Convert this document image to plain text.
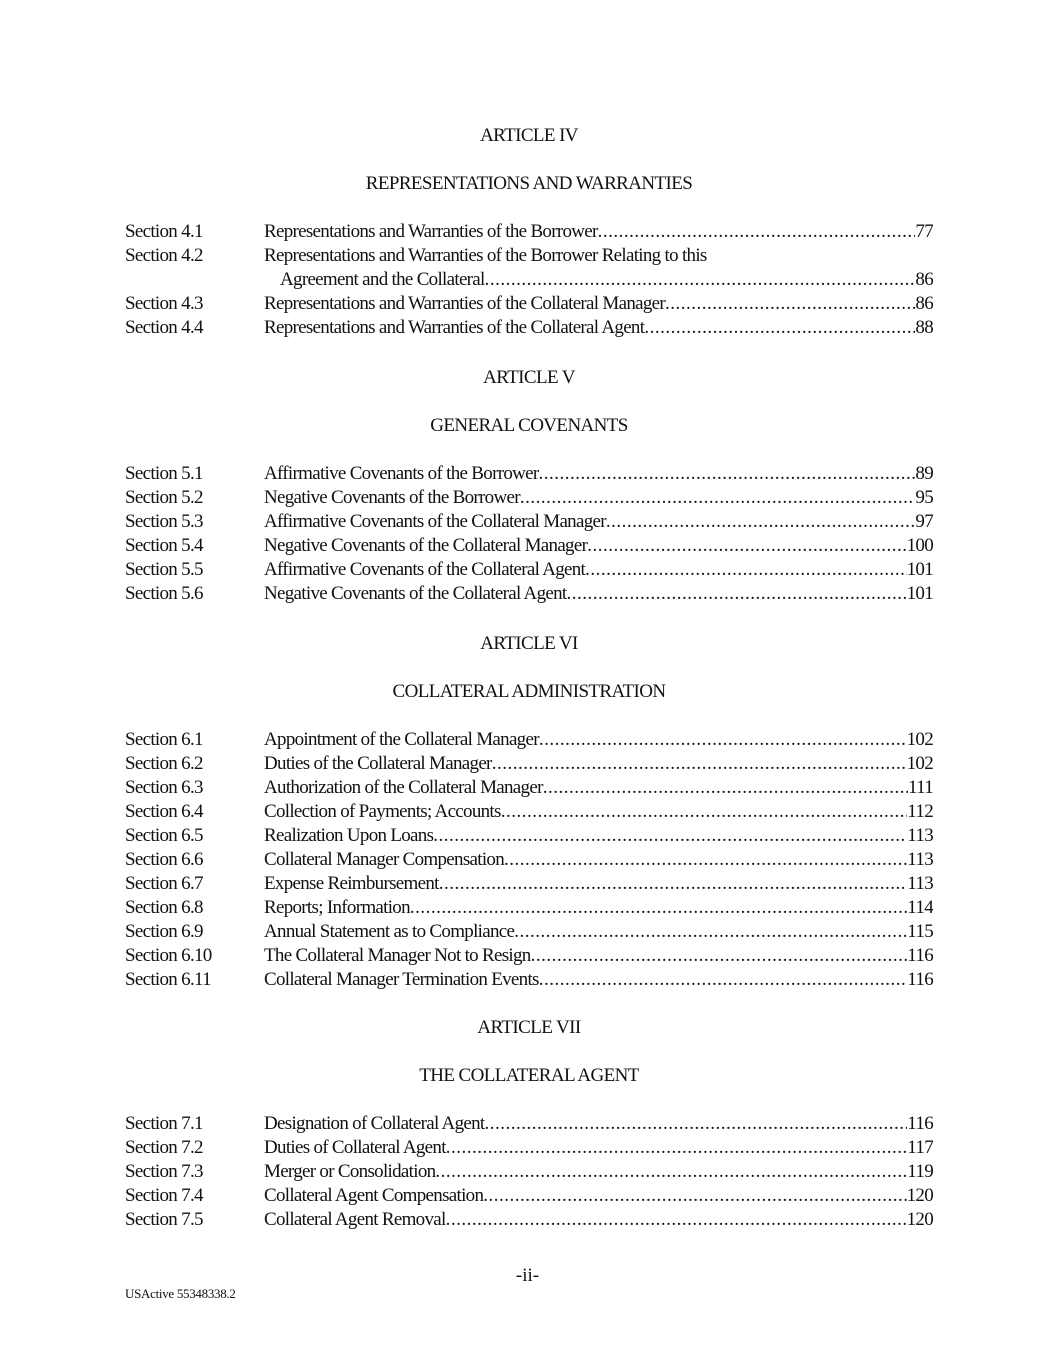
ARTICLE IV
REPRESENTATIONS AND WARRANTIES
Section 4.1	Representations and Warranties of the Borrower .....	77
Section 4.2	Representations and Warranties of the Borrower Relating to this
Agreement and the Collateral .....	86
Section 4.3	Representations and Warranties of the Collateral Manager .....	86
Section 4.4	Representations and Warranties of the Collateral Agent .....	88
ARTICLE V
GENERAL COVENANTS
Section 5.1	Affirmative Covenants of the Borrower .....	89
Section 5.2	Negative Covenants of the Borrower .....	95
Section 5.3	Affirmative Covenants of the Collateral Manager .....	97
Section 5.4	Negative Covenants of the Collateral Manager .....	100
Section 5.5	Affirmative Covenants of the Collateral Agent .....	101
Section 5.6	Negative Covenants of the Collateral Agent .....	101
ARTICLE VI
COLLATERAL ADMINISTRATION
Section 6.1	Appointment of the Collateral Manager .....	102
Section 6.2	Duties of the Collateral Manager .....	102
Section 6.3	Authorization of the Collateral Manager .....	111
Section 6.4	Collection of Payments; Accounts .....	112
Section 6.5	Realization Upon Loans .....	113
Section 6.6	Collateral Manager Compensation .....	113
Section 6.7	Expense Reimbursement .....	113
Section 6.8	Reports; Information .....	114
Section 6.9	Annual Statement as to Compliance .....	115
Section 6.10	The Collateral Manager Not to Resign .....	116
Section 6.11	Collateral Manager Termination Events .....	116
ARTICLE VII
THE COLLATERAL AGENT
Section 7.1	Designation of Collateral Agent .....	116
Section 7.2	Duties of Collateral Agent .....	117
Section 7.3	Merger or Consolidation .....	119
Section 7.4	Collateral Agent Compensation .....	120
Section 7.5	Collateral Agent Removal .....	120
-ii-
USActive 55348338.2
